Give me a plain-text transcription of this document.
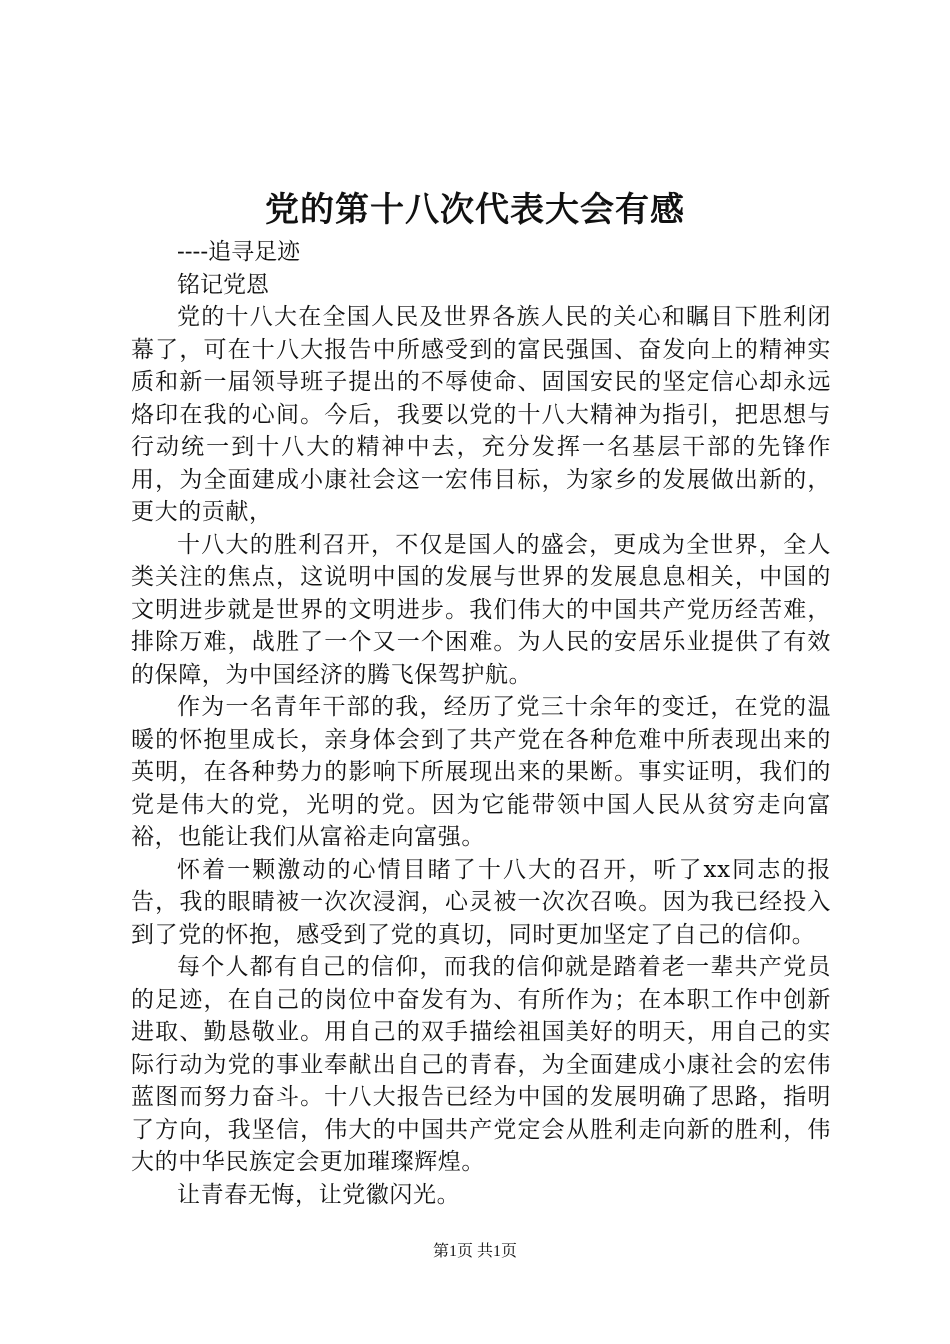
党的第十八次代表大会有感

----追寻足迹

铭记党恩

党的十八大在全国人民及世界各族人民的关心和瞩目下胜利闭幕了，可在十八大报告中所感受到的富民强国、奋发向上的精神实质和新一届领导班子提出的不辱使命、固国安民的坚定信心却永远烙印在我的心间。今后，我要以党的十八大精神为指引，把思想与行动统一到十八大的精神中去，充分发挥一名基层干部的先锋作用，为全面建成小康社会这一宏伟目标，为家乡的发展做出新的，更大的贡献，

十八大的胜利召开，不仅是国人的盛会，更成为全世界，全人类关注的焦点，这说明中国的发展与世界的发展息息相关，中国的文明进步就是世界的文明进步。我们伟大的中国共产党历经苦难，排除万难，战胜了一个又一个困难。为人民的安居乐业提供了有效的保障，为中国经济的腾飞保驾护航。

作为一名青年干部的我，经历了党三十余年的变迁，在党的温暖的怀抱里成长，亲身体会到了共产党在各种危难中所表现出来的英明，在各种势力的影响下所展现出来的果断。事实证明，我们的党是伟大的党，光明的党。因为它能带领中国人民从贫穷走向富裕，也能让我们从富裕走向富强。

怀着一颗激动的心情目睹了十八大的召开，听了xx同志的报告，我的眼睛被一次次浸润，心灵被一次次召唤。因为我已经投入到了党的怀抱，感受到了党的真切，同时更加坚定了自己的信仰。

每个人都有自己的信仰，而我的信仰就是踏着老一辈共产党员的足迹，在自己的岗位中奋发有为、有所作为；在本职工作中创新进取、勤恳敬业。用自己的双手描绘祖国美好的明天，用自己的实际行动为党的事业奉献出自己的青春，为全面建成小康社会的宏伟蓝图而努力奋斗。十八大报告已经为中国的发展明确了思路，指明了方向，我坚信，伟大的中国共产党定会从胜利走向新的胜利，伟大的中华民族定会更加璀璨辉煌。

让青春无悔，让党徽闪光。

第1页 共1页
